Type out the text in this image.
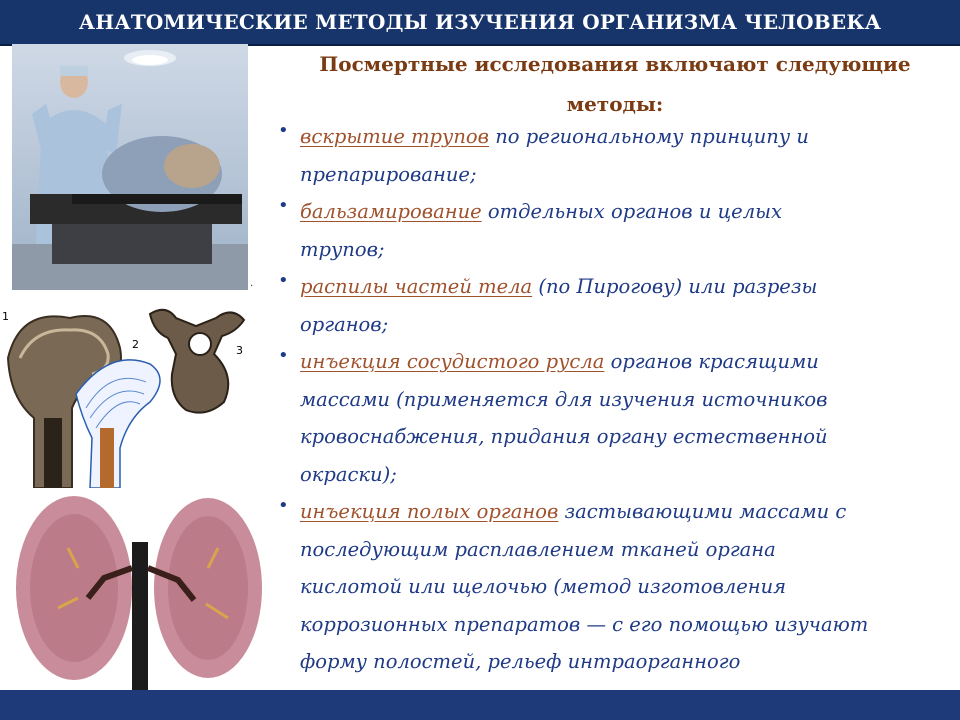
АНАТОМИЧЕСКИЕ МЕТОДЫ ИЗУЧЕНИЯ ОРГАНИЗМА ЧЕЛОВЕКА
1
2	3
.
Посмертные исследования включают следующие
методы:
• вскрытие трупов по региональному принципу и
препарирование;
• бальзамирование отдельных органов и целых
трупов;
• распилы частей тела (по Пирогову) или разрезы
органов;
• инъекция сосудистого русла органов красящими
массами (применяется для изучения источников
кровоснабжения, придания органу естественной
окраски);
• инъекция полых органов застывающими массами с
последующим расплавлением тканей органа
кислотой или щелочью (метод изготовления
коррозионных препаратов — с его помощью изучают
форму полостей, рельеф интраорганного
